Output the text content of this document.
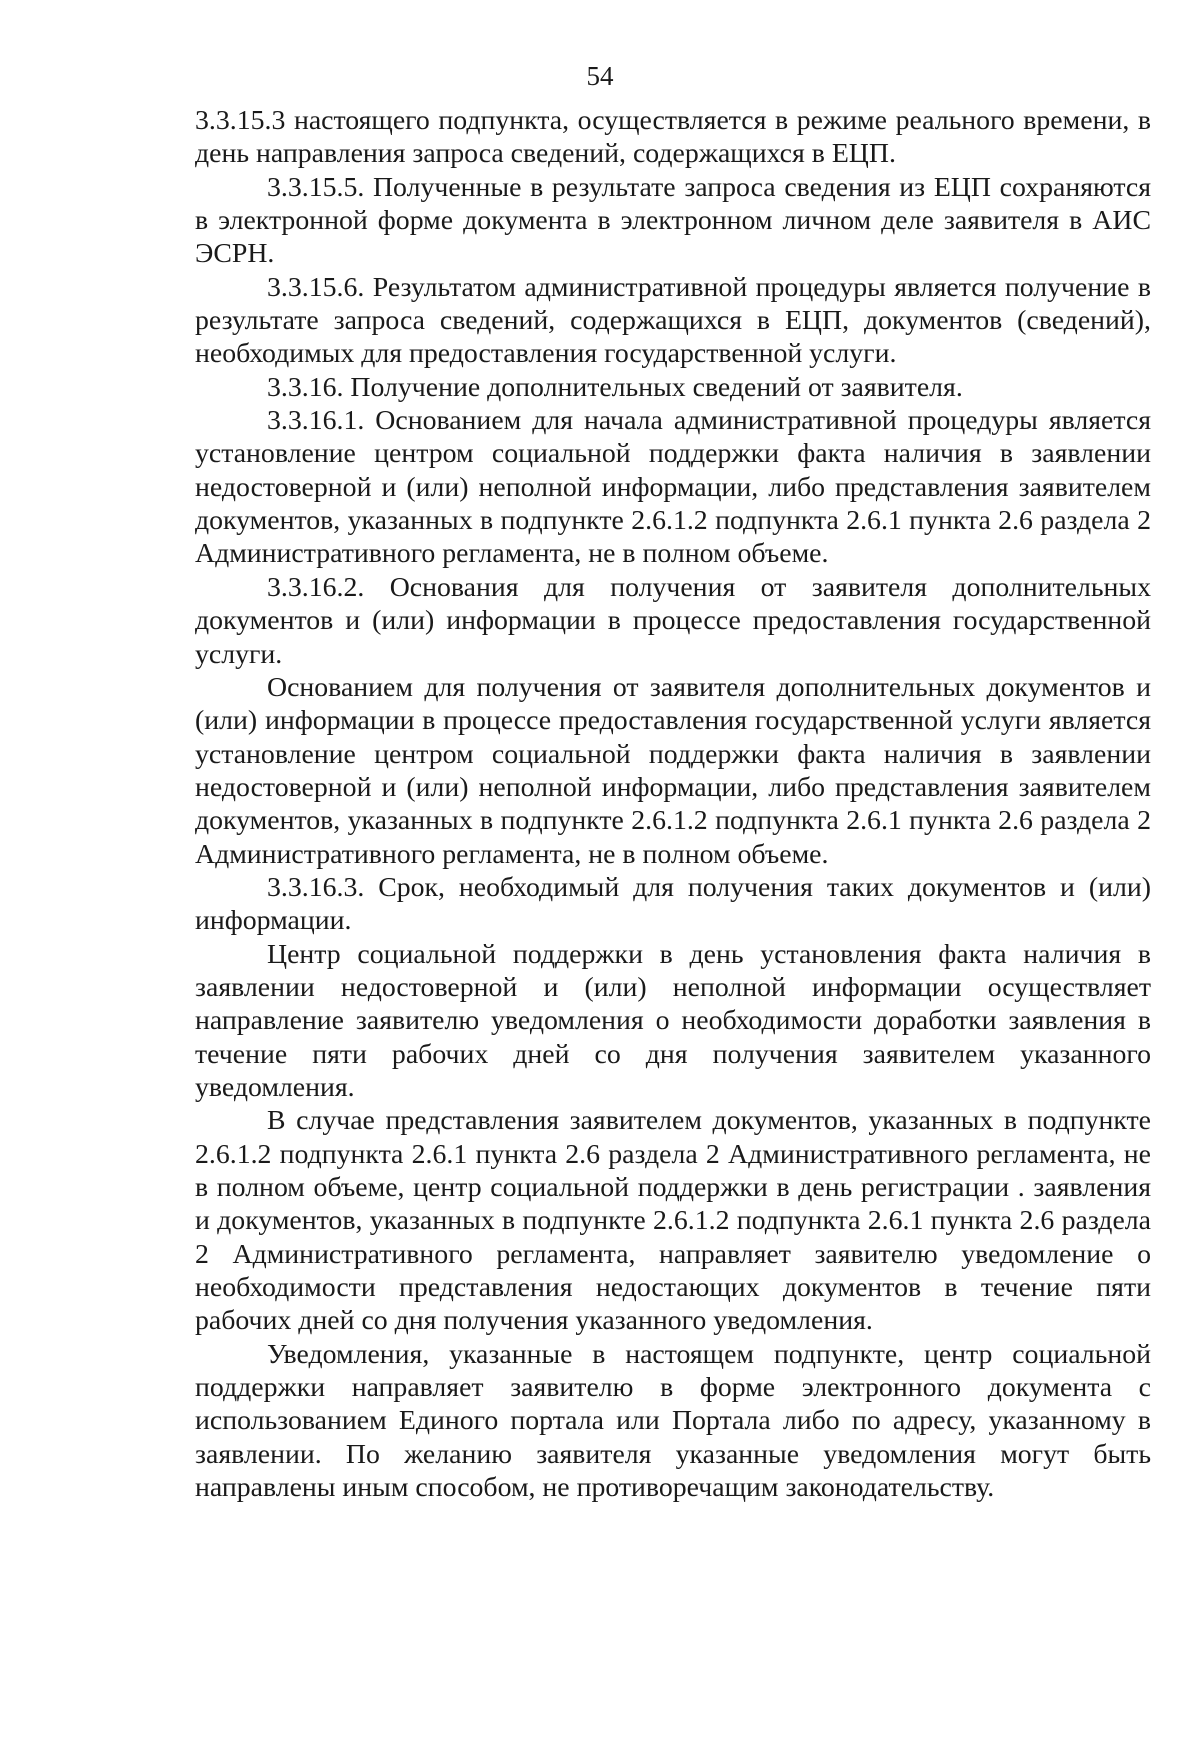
54

3.3.15.3 настоящего подпункта, осуществляется в режиме реального времени, в день направления запроса сведений, содержащихся в ЕЦП.

3.3.15.5. Полученные в результате запроса сведения из ЕЦП сохраняются в электронной форме документа в электронном личном деле заявителя в АИС ЭСРН.

3.3.15.6. Результатом административной процедуры является получение в результате запроса сведений, содержащихся в ЕЦП, документов (сведений), необходимых для предоставления государственной услуги.

3.3.16. Получение дополнительных сведений от заявителя.

3.3.16.1. Основанием для начала административной процедуры является установление центром социальной поддержки факта наличия в заявлении недостоверной и (или) неполной информации, либо представления заявителем документов, указанных в подпункте 2.6.1.2 подпункта 2.6.1 пункта 2.6 раздела 2 Административного регламента, не в полном объеме.

3.3.16.2. Основания для получения от заявителя дополнительных документов и (или) информации в процессе предоставления государственной услуги.

Основанием для получения от заявителя дополнительных документов и (или) информации в процессе предоставления государственной услуги является установление центром социальной поддержки факта наличия в заявлении недостоверной и (или) неполной информации, либо представления заявителем документов, указанных в подпункте 2.6.1.2 подпункта 2.6.1 пункта 2.6 раздела 2 Административного регламента, не в полном объеме.

3.3.16.3. Срок, необходимый для получения таких документов и (или) информации.

Центр социальной поддержки в день установления факта наличия в заявлении недостоверной и (или) неполной информации осуществляет направление заявителю уведомления о необходимости доработки заявления в течение пяти рабочих дней со дня получения заявителем указанного уведомления.

В случае представления заявителем документов, указанных в подпункте 2.6.1.2 подпункта 2.6.1 пункта 2.6 раздела 2 Административного регламента, не в полном объеме, центр социальной поддержки в день регистрации . заявления и документов, указанных в подпункте 2.6.1.2 подпункта 2.6.1 пункта 2.6 раздела 2 Административного регламента, направляет заявителю уведомление о необходимости представления недостающих документов в течение пяти рабочих дней со дня получения указанного уведомления.

Уведомления, указанные в настоящем подпункте, центр социальной поддержки направляет заявителю в форме электронного документа с использованием Единого портала или Портала либо по адресу, указанному в заявлении. По желанию заявителя указанные уведомления могут быть направлены иным способом, не противоречащим законодательству.
